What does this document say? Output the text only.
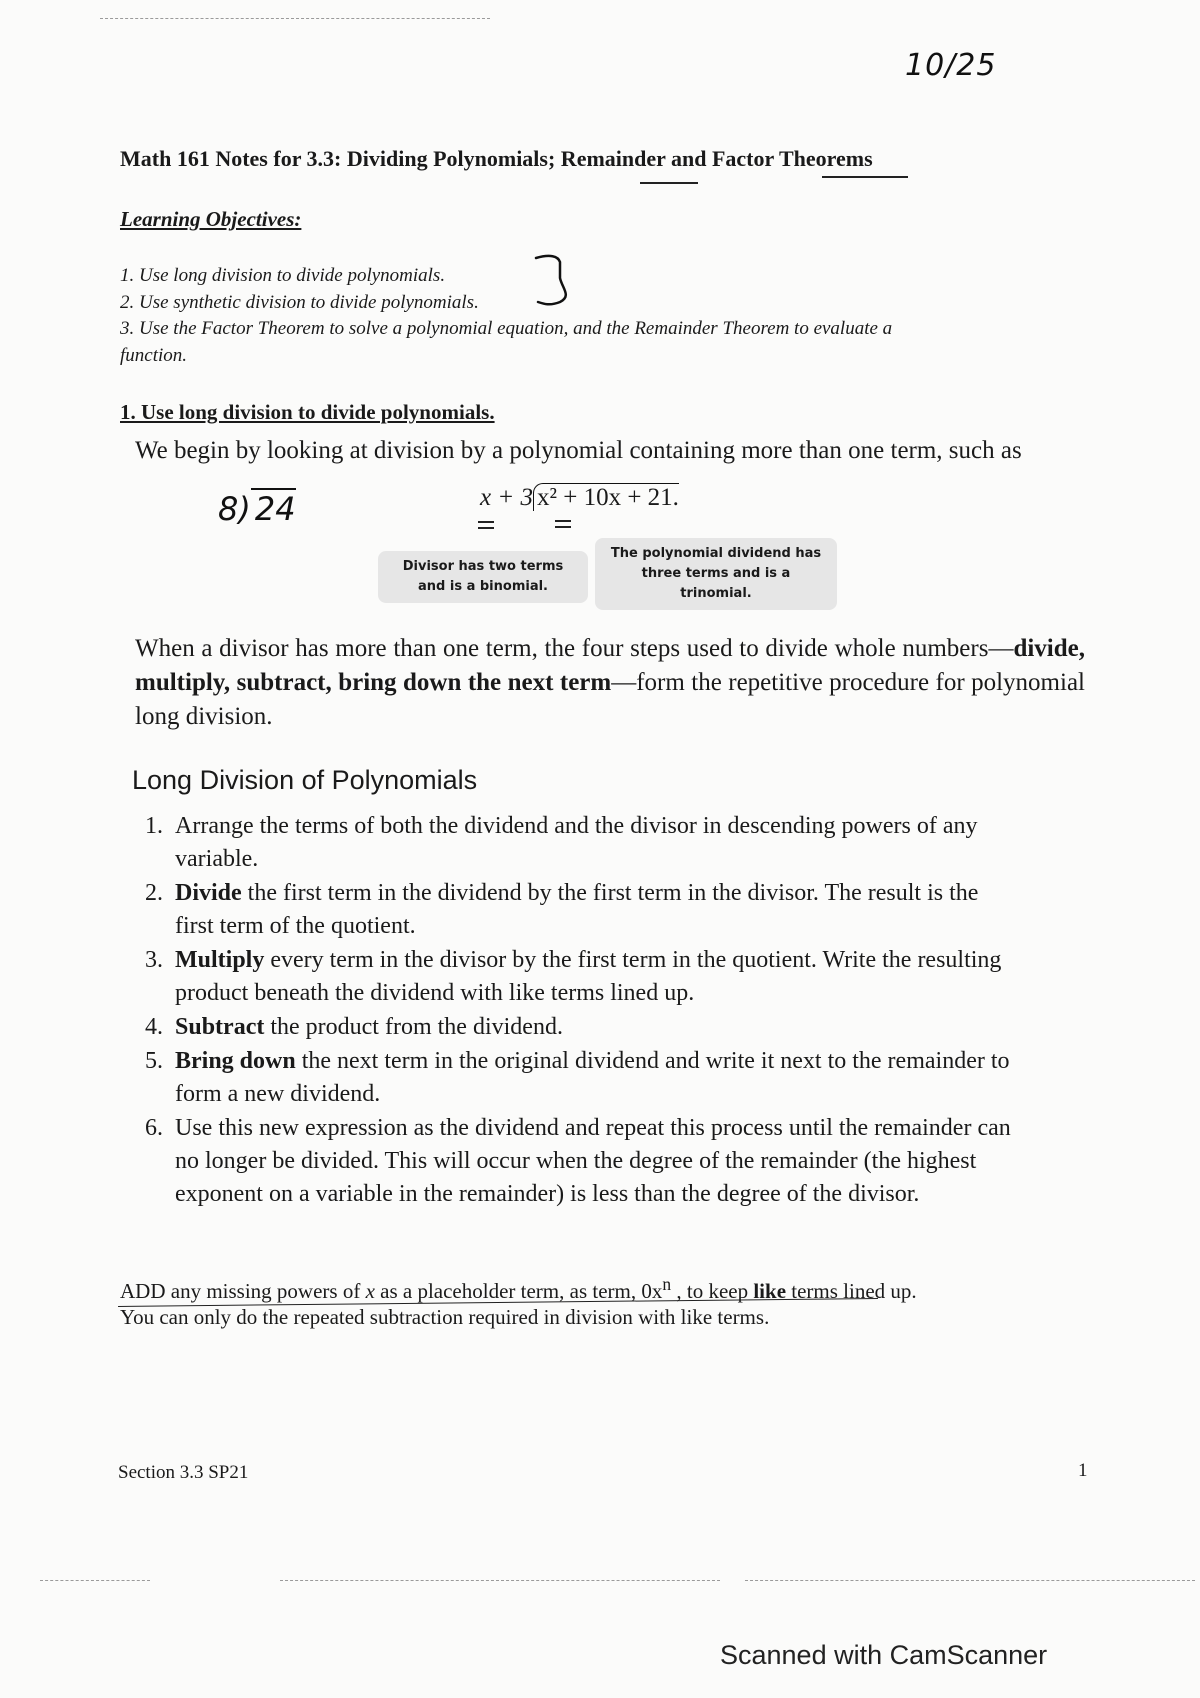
10/25
Math 161 Notes for 3.3: Dividing Polynomials; Remainder and Factor Theorems
Learning Objectives:
1. Use long division to divide polynomials.
2. Use synthetic division to divide polynomials.
3. Use the Factor Theorem to solve a polynomial equation, and the Remainder Theorem to evaluate a
function.
1. Use long division to divide polynomials.
We begin by looking at division by a polynomial containing more than one term, such as
8) 24	x + 3 x² + 10x + 21.
Divisor has two terms
and is a binomial.
The polynomial dividend has
three terms and is a trinomial.
When a divisor has more than one term, the four steps used to divide whole numbers—divide, multiply, subtract, bring down the next term—form the repetitive procedure for polynomial long division.
Long Division of Polynomials
1. Arrange the terms of both the dividend and the divisor in descending powers of any variable.
2. Divide the first term in the dividend by the first term in the divisor. The result is the first term of the quotient.
3. Multiply every term in the divisor by the first term in the quotient. Write the resulting product beneath the dividend with like terms lined up.
4. Subtract the product from the dividend.
5. Bring down the next term in the original dividend and write it next to the remainder to form a new dividend.
6. Use this new expression as the dividend and repeat this process until the remainder can no longer be divided. This will occur when the degree of the remainder (the highest exponent on a variable in the remainder) is less than the degree of the divisor.
ADD any missing powers of x as a placeholder term, as term, $0x^n$ , to keep like terms lined up.
You can only do the repeated subtraction required in division with like terms.
Section 3.3 SP21	1
Scanned with CamScanner
